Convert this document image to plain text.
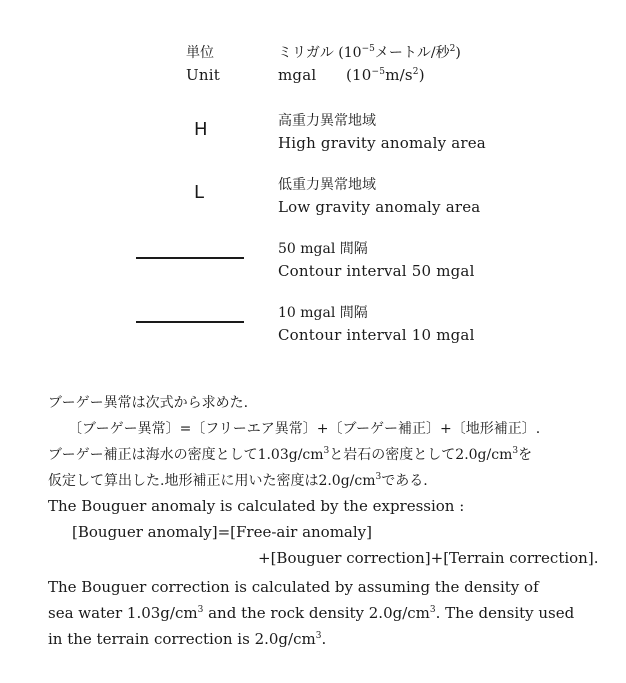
単位
Unit
ミリガル ($10^{-5}$メートル/秒$^2$)
mgal $(10^{-5}m/s^2)$
H	高重力異常地域
High gravity anomaly area
L	低重力異常地域
Low gravity anomaly area
50 mgal 間隔
Contour interval 50 mgal
10 mgal 間隔
Contour interval 10 mgal
ブーゲー異常は次式から求めた.
〔ブーゲー異常〕=〔フリーエア異常〕+〔ブーゲー補正〕+〔地形補正〕.
ブーゲー補正は海水の密度として$1.03g/cm^3$と岩石の密度として$2.0g/cm^3$を
仮定して算出した.地形補正に用いた密度は$2.0g/cm^3$である.
The Bouguer anomaly is calculated by the expression :
[Bouguer anomaly]=[Free-air anomaly]
+[Bouguer correction]+[Terrain correction].
The Bouguer correction is calculated by assuming the density of
sea water $1.03g/cm^3$ and the rock density $2.0g/cm^3$. The density used
in the terrain correction is $2.0g/cm^3$.
